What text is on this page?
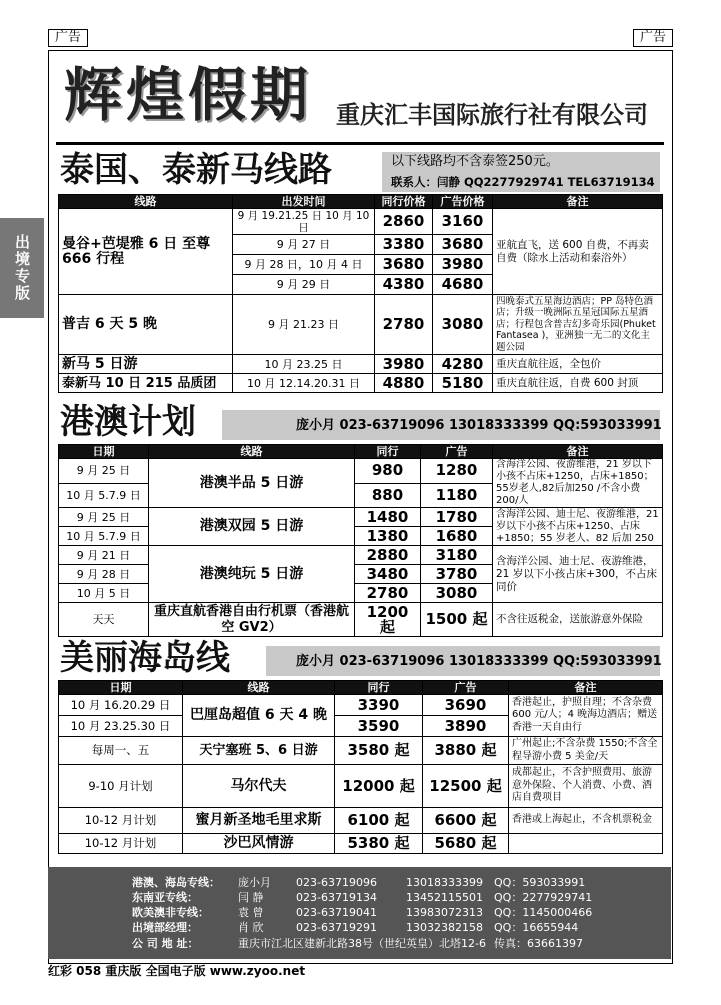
广告	广告
出境专版
辉煌假期 重庆汇丰国际旅行社有限公司
泰国、泰新马线路	以下线路均不含泰签250元。
联系人：闫静 QQ2277929741 TEL63719134
线路	出发时间	同行价格	广告价格	备注
曼谷+芭堤雅 6 日 至尊 666 行程	9 月 19.21.25 日 10 月 10 日	2860	3160	亚航直飞，送 600 自费，不再卖自费（除水上活动和泰浴外）
	9 月 27 日	3380	3680	
	9 月 28 日，10 月 4 日	3680	3980	
	9 月 29 日	4380	4680	
普吉 6 天 5 晚	9 月 21.23 日	2780	3080	四晚泰式五星海边酒店；PP 岛特色酒店；升级一晚洲际五星冠国际五星酒店；行程包含普吉幻多奇乐园(Phuket Fantasea )，亚洲独一无二的文化主题公园
新马 5 日游	10 月 23.25 日	3980	4280	重庆直航往返，全包价
泰新马 10 日 215 品质团	10 月 12.14.20.31 日	4880	5180	重庆直航往返，自费 600 封顶
港澳计划	庞小月 023-63719096 13018333399 QQ:593033991
日期	线路	同行	广告	备注
9 月 25 日	港澳半品 5 日游	980	1280	含海洋公园、夜游维港，21 岁以下小孩不占床+1250，占床+1850；55岁老人,82后加250 /不含小费 200/人
10 月 5.7.9 日		880	1180	
9 月 25 日	港澳双园 5 日游	1480	1780	含海洋公园、迪士尼、夜游维港，21 岁以下小孩不占床+1250、占床+1850；55 岁老人、82 后加 250
10 月 5.7.9 日		1380	1680	
9 月 21 日	港澳纯玩 5 日游	2880	3180	含海洋公园、迪士尼、夜游维港，21 岁以下小孩占床+300，不占床同价
9 月 28 日		3480	3780	
10 月 5 日		2780	3080	
天天	重庆直航香港自由行机票（香港航空 GV2）	1200 起	1500 起	不含往返税金，送旅游意外保险
美丽海岛线	庞小月 023-63719096 13018333399 QQ:593033991
日期	线路	同行	广告	备注
10 月 16.20.29 日	巴厘岛超值 6 天 4 晚	3390	3690	香港起止，护照自理；不含杂费 600 元/人；4 晚海边酒店；赠送香港一天自由行
10 月 23.25.30 日		3590	3890	
每周一、五	天宁塞班 5、6 日游	3580 起	3880 起	广州起止;不含杂费 1550;不含全程导游小费 5 美金/天
9-10 月计划	马尔代夫	12000 起	12500 起	成都起止，不含护照费用、旅游意外保险、个人消费、小费、酒店自费项目
10-12 月计划	蜜月新圣地毛里求斯	6100 起	6600 起	香港或上海起止，不含机票税金
10-12 月计划	沙巴风情游	5380 起	5680 起	
港澳、海岛专线： 庞小月 023-63719096	13018333399 QQ：593033991
东南亚专线：	闫 静	023-63719134	13452115501 QQ：2277929741
欧美澳非专线：	袁 曾	023-63719041	13983072313 QQ：1145000466
出境部经理：	肖 欣	023-63719291	13032382158 QQ：16655944
公 司 地 址：	重庆市江北区建新北路38号（世纪英皇）北塔12-6 传真：63661397
红彩 058 重庆版 全国电子版 www.zyoo.net
